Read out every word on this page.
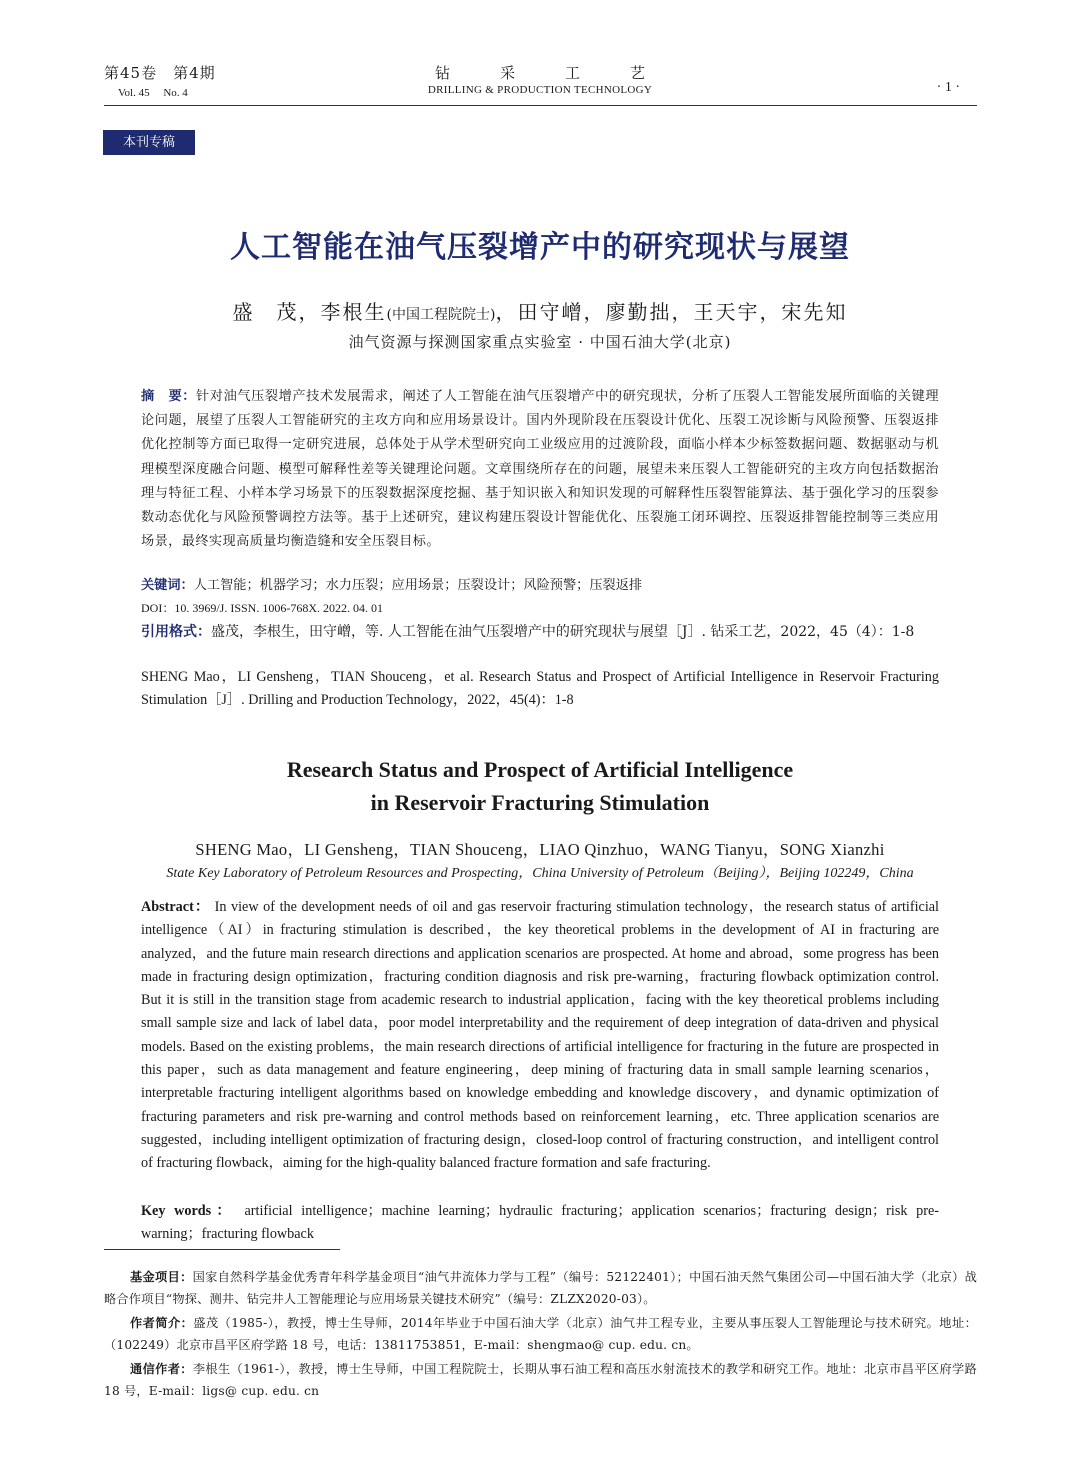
第45卷　第4期
Vol. 45　 No. 4
钻采工艺
DRILLING & PRODUCTION TECHNOLOGY	· 1 ·
本刊专稿
人工智能在油气压裂增产中的研究现状与展望
盛　茂，李根生(中国工程院院士)，田守嶒，廖勤拙，王天宇，宋先知
油气资源与探测国家重点实验室 · 中国石油大学(北京)
摘　要：针对油气压裂增产技术发展需求，阐述了人工智能在油气压裂增产中的研究现状，分析了压裂人工智能发展所面临的关键理论问题，展望了压裂人工智能研究的主攻方向和应用场景设计。国内外现阶段在压裂设计优化、压裂工况诊断与风险预警、压裂返排优化控制等方面已取得一定研究进展，总体处于从学术型研究向工业级应用的过渡阶段，面临小样本少标签数据问题、数据驱动与机理模型深度融合问题、模型可解释性差等关键理论问题。文章围绕所存在的问题，展望未来压裂人工智能研究的主攻方向包括数据治理与特征工程、小样本学习场景下的压裂数据深度挖掘、基于知识嵌入和知识发现的可解释性压裂智能算法、基于强化学习的压裂参数动态优化与风险预警调控方法等。基于上述研究，建议构建压裂设计智能优化、压裂施工闭环调控、压裂返排智能控制等三类应用场景，最终实现高质量均衡造缝和安全压裂目标。
关键词：人工智能；机器学习；水力压裂；应用场景；压裂设计；风险预警；压裂返排
DOI：10. 3969/J. ISSN. 1006-768X. 2022. 04. 01
引用格式：盛茂，李根生，田守嶒，等. 人工智能在油气压裂增产中的研究现状与展望［J］. 钻采工艺，2022，45（4）：1-8
SHENG Mao，LI Gensheng，TIAN Shouceng，et al. Research Status and Prospect of Artificial Intelligence in Reservoir Fracturing Stimulation［J］. Drilling and Production Technology，2022，45(4)：1-8
Research Status and Prospect of Artificial Intelligence
in Reservoir Fracturing Stimulation
SHENG Mao，LI Gensheng，TIAN Shouceng，LIAO Qinzhuo，WANG Tianyu，SONG Xianzhi
State Key Laboratory of Petroleum Resources and Prospecting，China University of Petroleum（Beijing），Beijing 102249，China
Abstract： In view of the development needs of oil and gas reservoir fracturing stimulation technology，the research status of artificial intelligence（AI）in fracturing stimulation is described，the key theoretical problems in the development of AI in fracturing are analyzed，and the future main research directions and application scenarios are prospected. At home and abroad，some progress has been made in fracturing design optimization，fracturing condition diagnosis and risk pre-warning，fracturing flowback optimization control. But it is still in the transition stage from academic research to industrial application，facing with the key theoretical problems including small sample size and lack of label data，poor model interpretability and the requirement of deep integration of data-driven and physical models. Based on the existing problems，the main research directions of artificial intelligence for fracturing in the future are prospected in this paper，such as data management and feature engineering，deep mining of fracturing data in small sample learning scenarios，interpretable fracturing intelligent algorithms based on knowledge embedding and knowledge discovery，and dynamic optimization of fracturing parameters and risk pre-warning and control methods based on reinforcement learning，etc. Three application scenarios are suggested，including intelligent optimization of fracturing design，closed-loop control of fracturing construction，and intelligent control of fracturing flowback，aiming for the high-quality balanced fracture formation and safe fracturing.
Key words： artificial intelligence；machine learning；hydraulic fracturing；application scenarios；fracturing design；risk pre-warning；fracturing flowback
基金项目：国家自然科学基金优秀青年科学基金项目“油气井流体力学与工程”（编号：52122401）；中国石油天然气集团公司—中国石油大学（北京）战略合作项目“物探、测井、钻完井人工智能理论与应用场景关键技术研究”（编号：ZLZX2020-03）。
作者简介：盛茂（1985-），教授，博士生导师，2014年毕业于中国石油大学（北京）油气井工程专业，主要从事压裂人工智能理论与技术研究。地址：（102249）北京市昌平区府学路 18 号，电话：13811753851，E-mail：shengmao@ cup. edu. cn。
通信作者：李根生（1961-），教授，博士生导师，中国工程院院士，长期从事石油工程和高压水射流技术的教学和研究工作。地址：北京市昌平区府学路 18 号，E-mail：ligs@ cup. edu. cn
